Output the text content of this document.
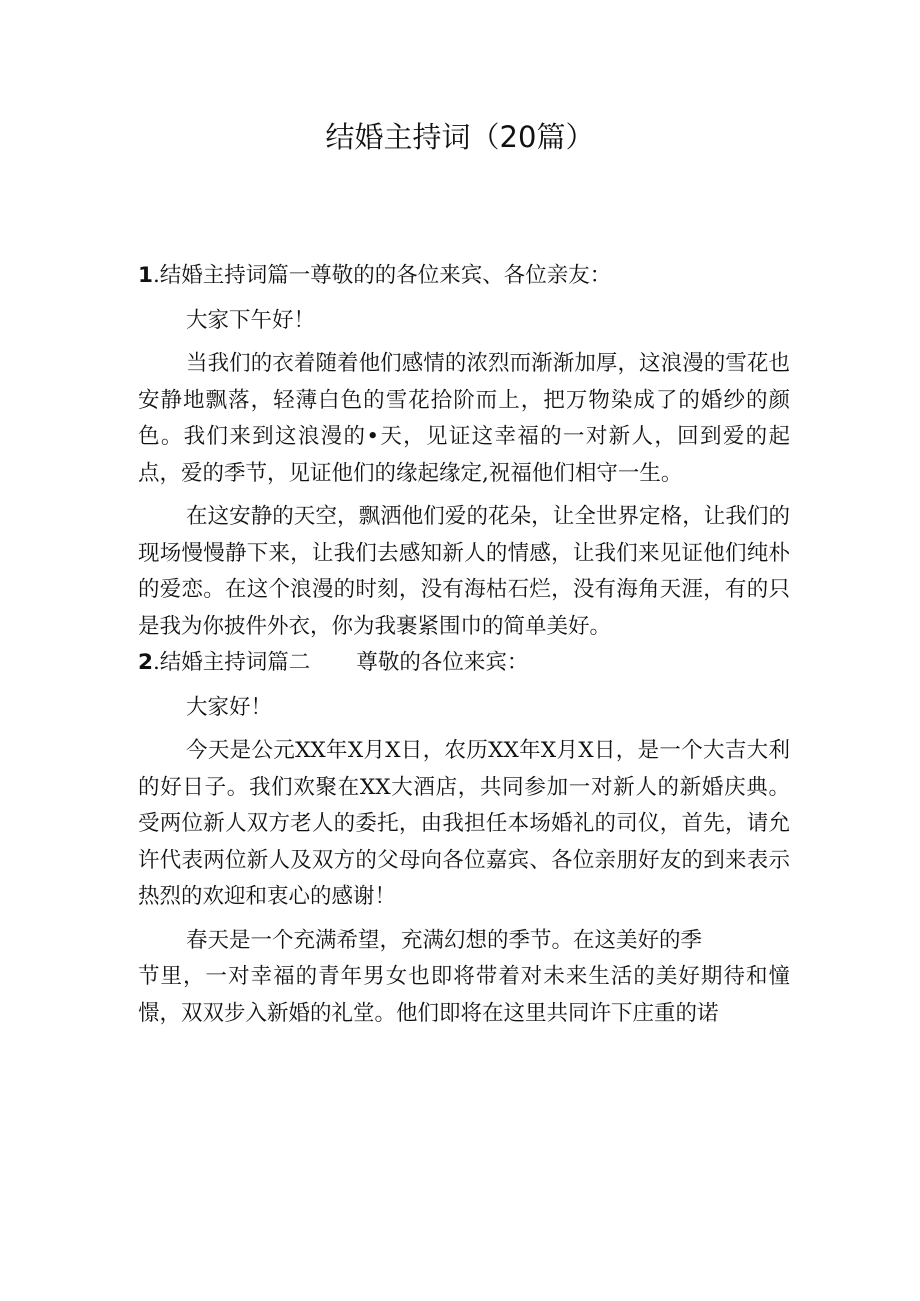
结婚主持词（20篇）

1.结婚主持词篇一尊敬的的各位来宾、各位亲友：

大家下午好！

当我们的衣着随着他们感情的浓烈而渐渐加厚，这浪漫的雪花也安静地飘落，轻薄白色的雪花拾阶而上，把万物染成了的婚纱的颜色。我们来到这浪漫的•天，见证这幸福的一对新人，回到爱的起点，爱的季节，见证他们的缘起缘定,祝福他们相守一生。

在这安静的天空，飘洒他们爱的花朵，让全世界定格，让我们的现场慢慢静下来，让我们去感知新人的情感，让我们来见证他们纯朴的爱恋。在这个浪漫的时刻，没有海枯石烂，没有海角天涯，有的只是我为你披件外衣，你为我裹紧围巾的简单美好。

2.结婚主持词篇二 尊敬的各位来宾：

大家好！

今天是公元XX年X月X日，农历XX年X月X日，是一个大吉大利的好日子。我们欢聚在XX大酒店，共同参加一对新人的新婚庆典。受两位新人双方老人的委托，由我担任本场婚礼的司仪，首先，请允许代表两位新人及双方的父母向各位嘉宾、各位亲朋好友的到来表示热烈的欢迎和衷心的感谢！

春天是一个充满希望，充满幻想的季节。在这美好的季

节里，一对幸福的青年男女也即将带着对未来生活的美好期待和憧憬，双双步入新婚的礼堂。他们即将在这里共同许下庄重的诺
